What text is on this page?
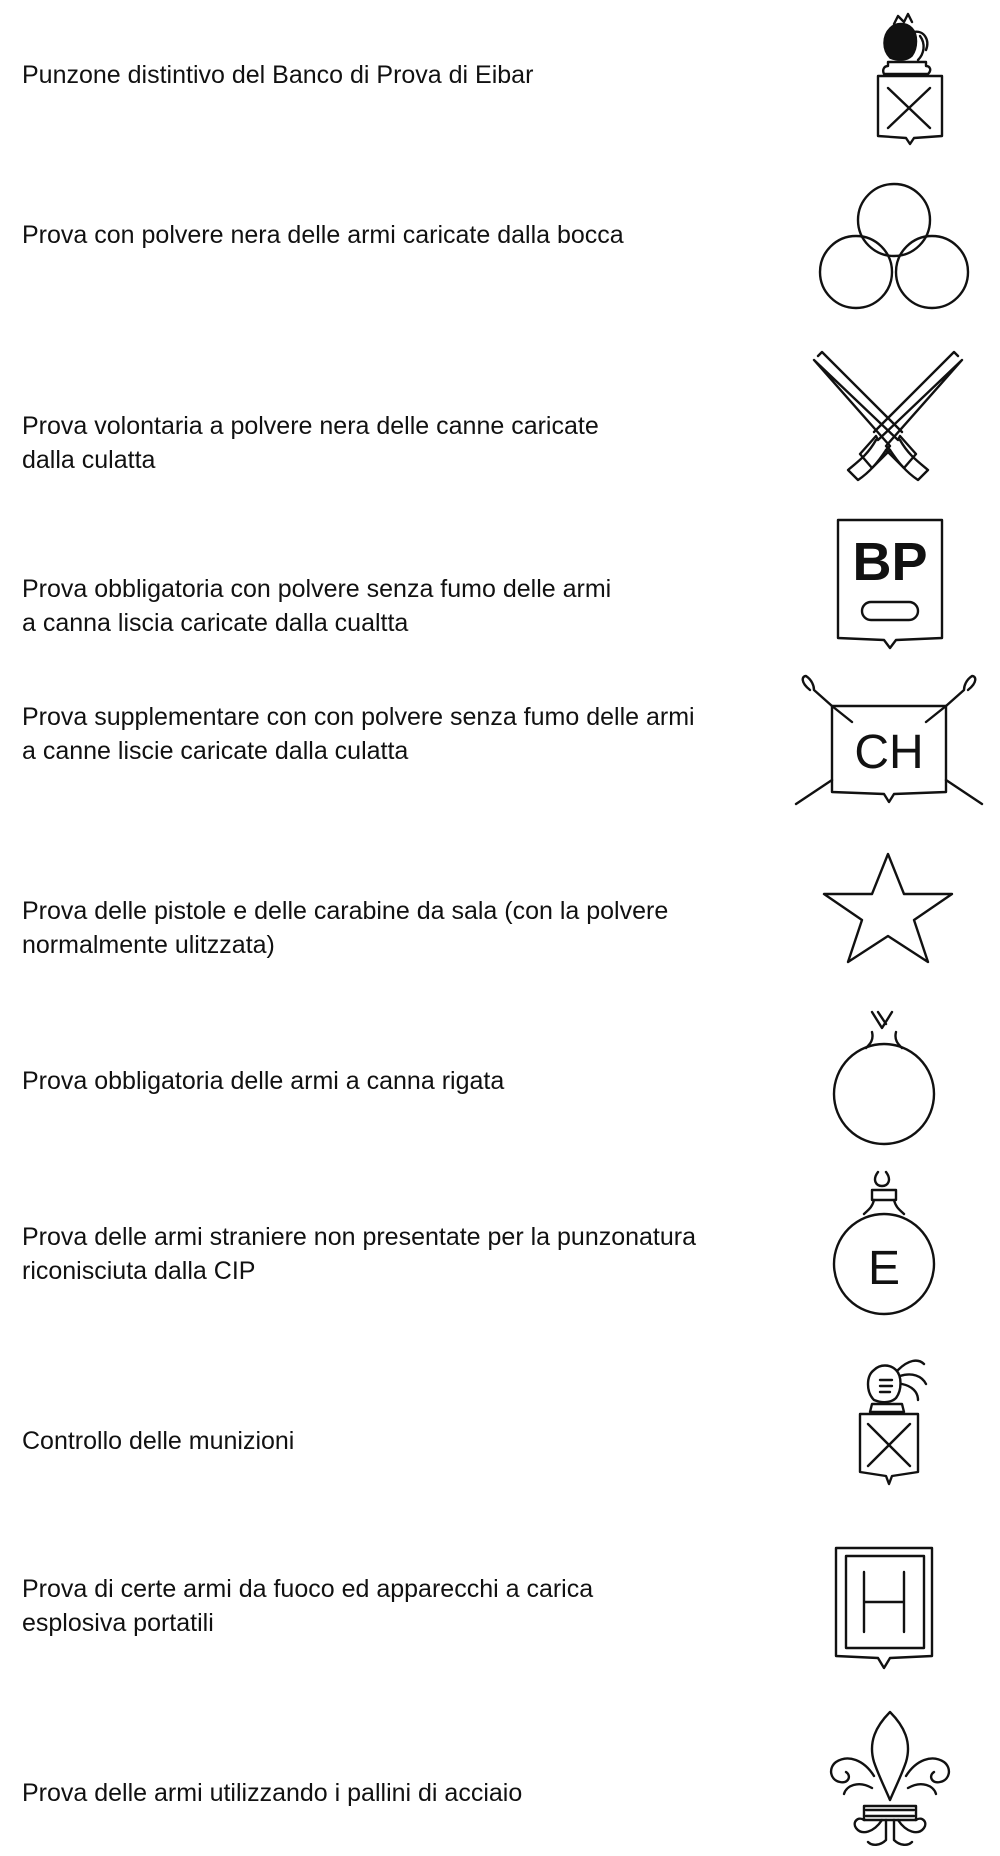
Punzone distintivo del Banco di Prova di Eibar

Prova con polvere nera delle armi caricate dalla bocca

Prova volontaria a polvere nera delle canne caricate
dalla culatta

Prova obbligatoria con polvere senza fumo delle armi
a canna liscia caricate dalla cualtta

BP

Prova supplementare con con polvere senza fumo delle armi
a canne liscie caricate dalla culatta	CH

Prova delle pistole e delle carabine da sala (con la polvere
normalmente ulitzzata)

Prova obbligatoria delle armi a canna rigata

Prova delle armi straniere non presentate per la punzonatura
riconisciuta dalla CIP	E

Controllo delle munizioni

Prova di certe armi da fuoco ed apparecchi a carica
esplosiva portatili

Prova delle armi utilizzando i pallini di acciaio
